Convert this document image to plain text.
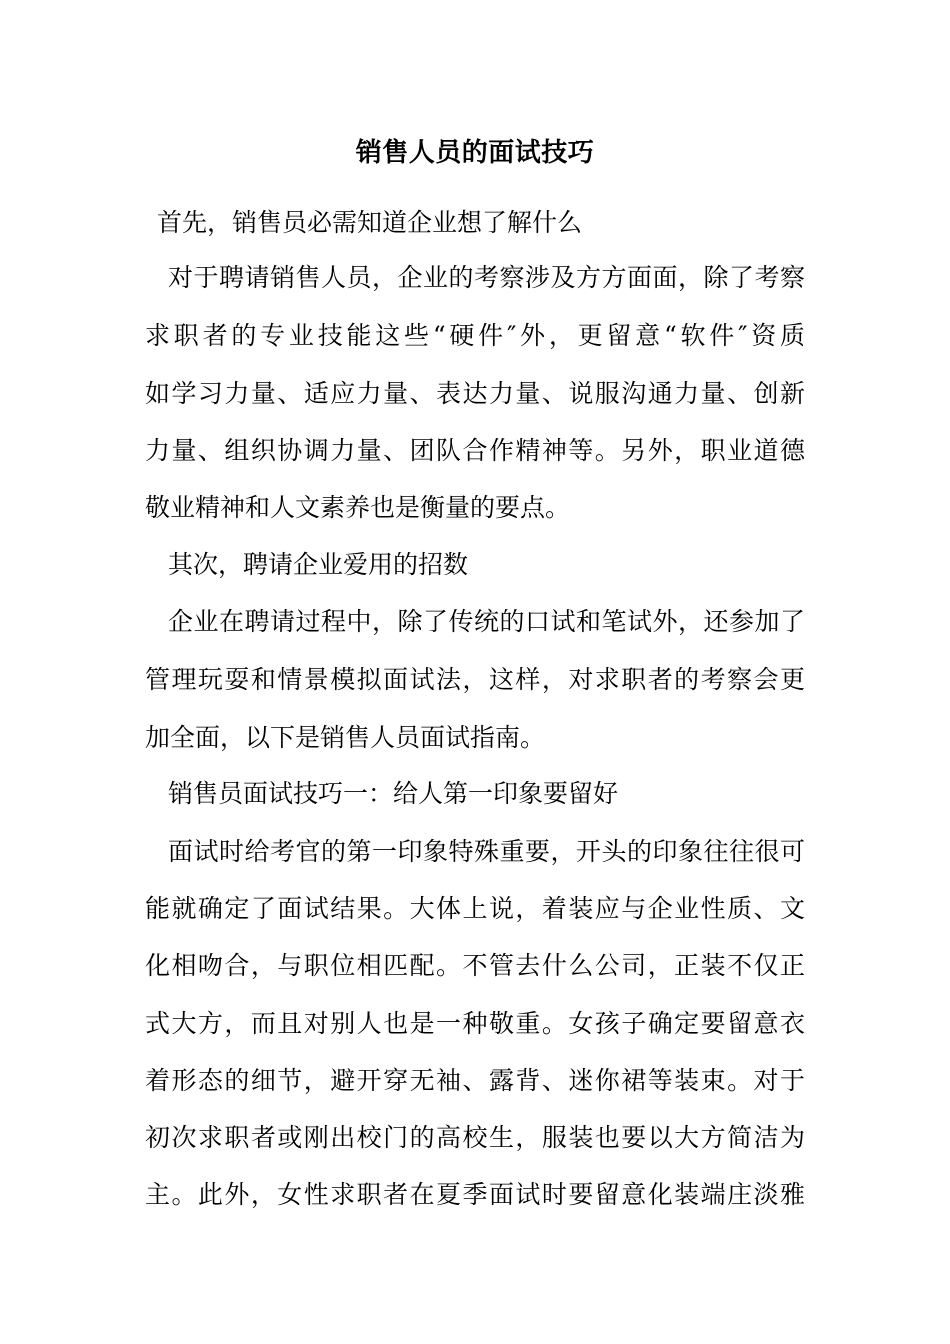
销售人员的面试技巧
首先，销售员必需知道企业想了解什么
对于聘请销售人员，企业的考察涉及方方面面，除了考察
求职者的专业技能这些“硬件″外，更留意“软件″资质
如学习力量、适应力量、表达力量、说服沟通力量、创新
力量、组织协调力量、团队合作精神等。另外，职业道德
敬业精神和人文素养也是衡量的要点。
其次，聘请企业爱用的招数
企业在聘请过程中，除了传统的口试和笔试外，还参加了
管理玩耍和情景模拟面试法，这样，对求职者的考察会更
加全面，以下是销售人员面试指南。
销售员面试技巧一：给人第一印象要留好
面试时给考官的第一印象特殊重要，开头的印象往往很可
能就确定了面试结果。大体上说，着装应与企业性质、文
化相吻合，与职位相匹配。不管去什么公司，正装不仅正
式大方，而且对别人也是一种敬重。女孩子确定要留意衣
着形态的细节，避开穿无袖、露背、迷你裙等装束。对于
初次求职者或刚出校门的高校生，服装也要以大方简洁为
主。此外，女性求职者在夏季面试时要留意化装端庄淡雅
